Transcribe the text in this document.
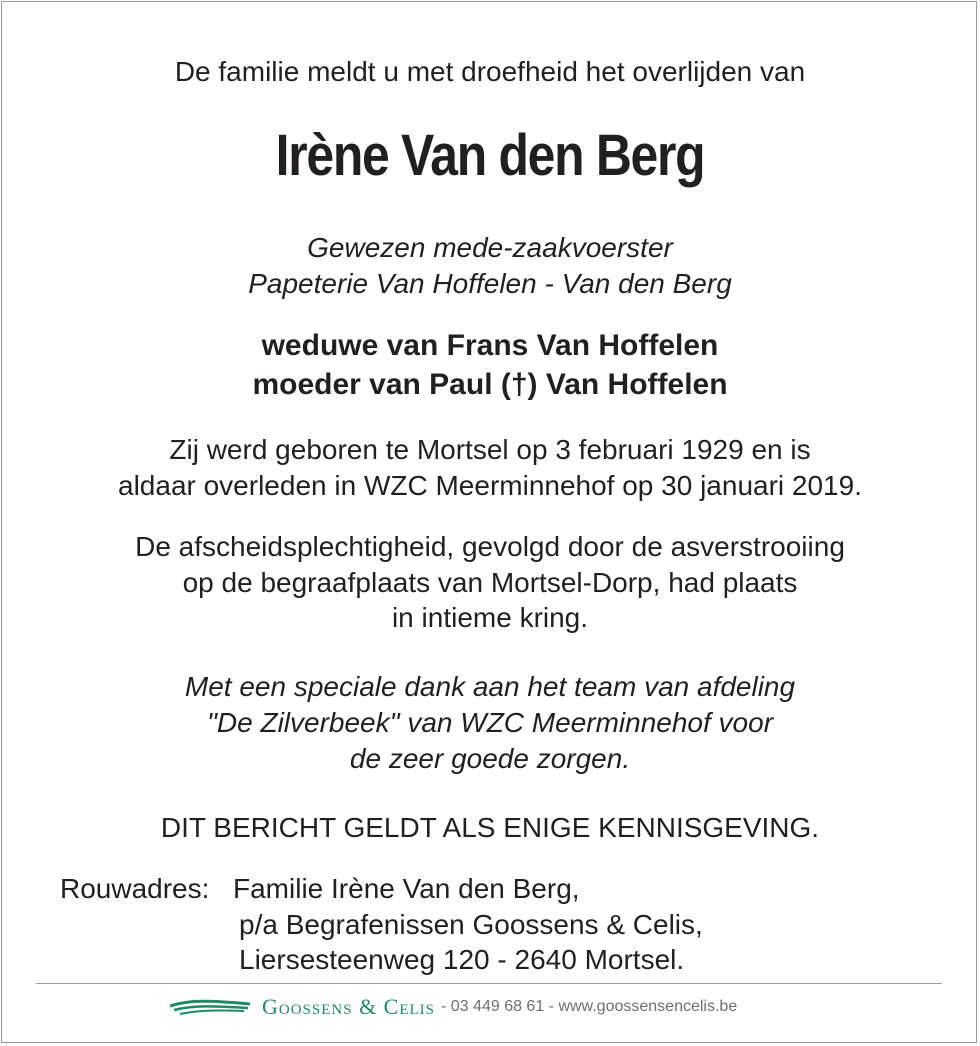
De familie meldt u met droefheid het overlijden van

Irène Van den Berg

Gewezen mede-zaakvoerster

Papeterie Van Hoffelen - Van den Berg

weduwe van Frans Van Hoffelen

moeder van Paul (†) Van Hoffelen

Zij werd geboren te Mortsel op 3 februari 1929 en is

aldaar overleden in WZC Meerminnehof op 30 januari 2019.

De afscheidsplechtigheid, gevolgd door de asverstrooiing

op de begraafplaats van Mortsel-Dorp, had plaats

in intieme kring.

Met een speciale dank aan het team van afdeling

"De Zilverbeek" van WZC Meerminnehof voor

de zeer goede zorgen.

DIT BERICHT GELDT ALS ENIGE KENNISGEVING.

Rouwadres: Familie Irène Van den Berg,
p/a Begrafenissen Goossens & Celis,
Liersesteenweg 120 - 2640 Mortsel.
Goossens & Celis - 03 449 68 61 - www.goossensencelis.be
